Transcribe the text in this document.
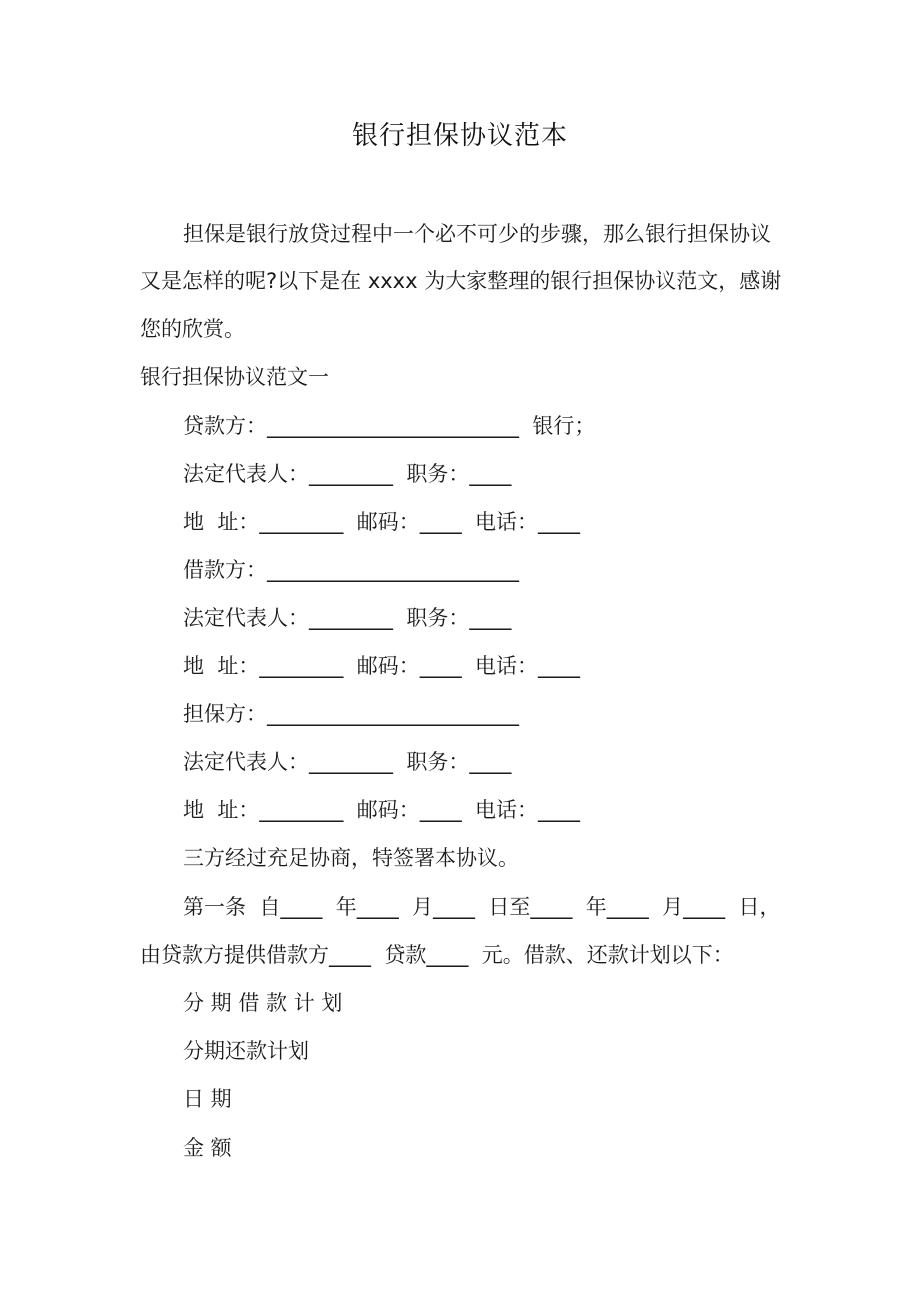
银行担保协议范本
担保是银行放贷过程中一个必不可少的步骤，那么银行担保协议
又是怎样的呢?以下是在 xxxx 为大家整理的银行担保协议范文，感谢
您的欣赏。
银行担保协议范文一
贷款方：________________________  银行；
法定代表人：________  职务：____
地  址：________  邮码：____  电话：____
借款方：________________________
法定代表人：________  职务：____
地  址：________  邮码：____  电话：____
担保方：________________________
法定代表人：________  职务：____
地  址：________  邮码：____  电话：____
三方经过充足协商，特签署本协议。
第一条  自____  年____  月____  日至____  年____  月____  日，
由贷款方提供借款方____  贷款____  元。借款、还款计划以下：
分 期 借 款 计 划
分期还款计划
日 期
金 额
